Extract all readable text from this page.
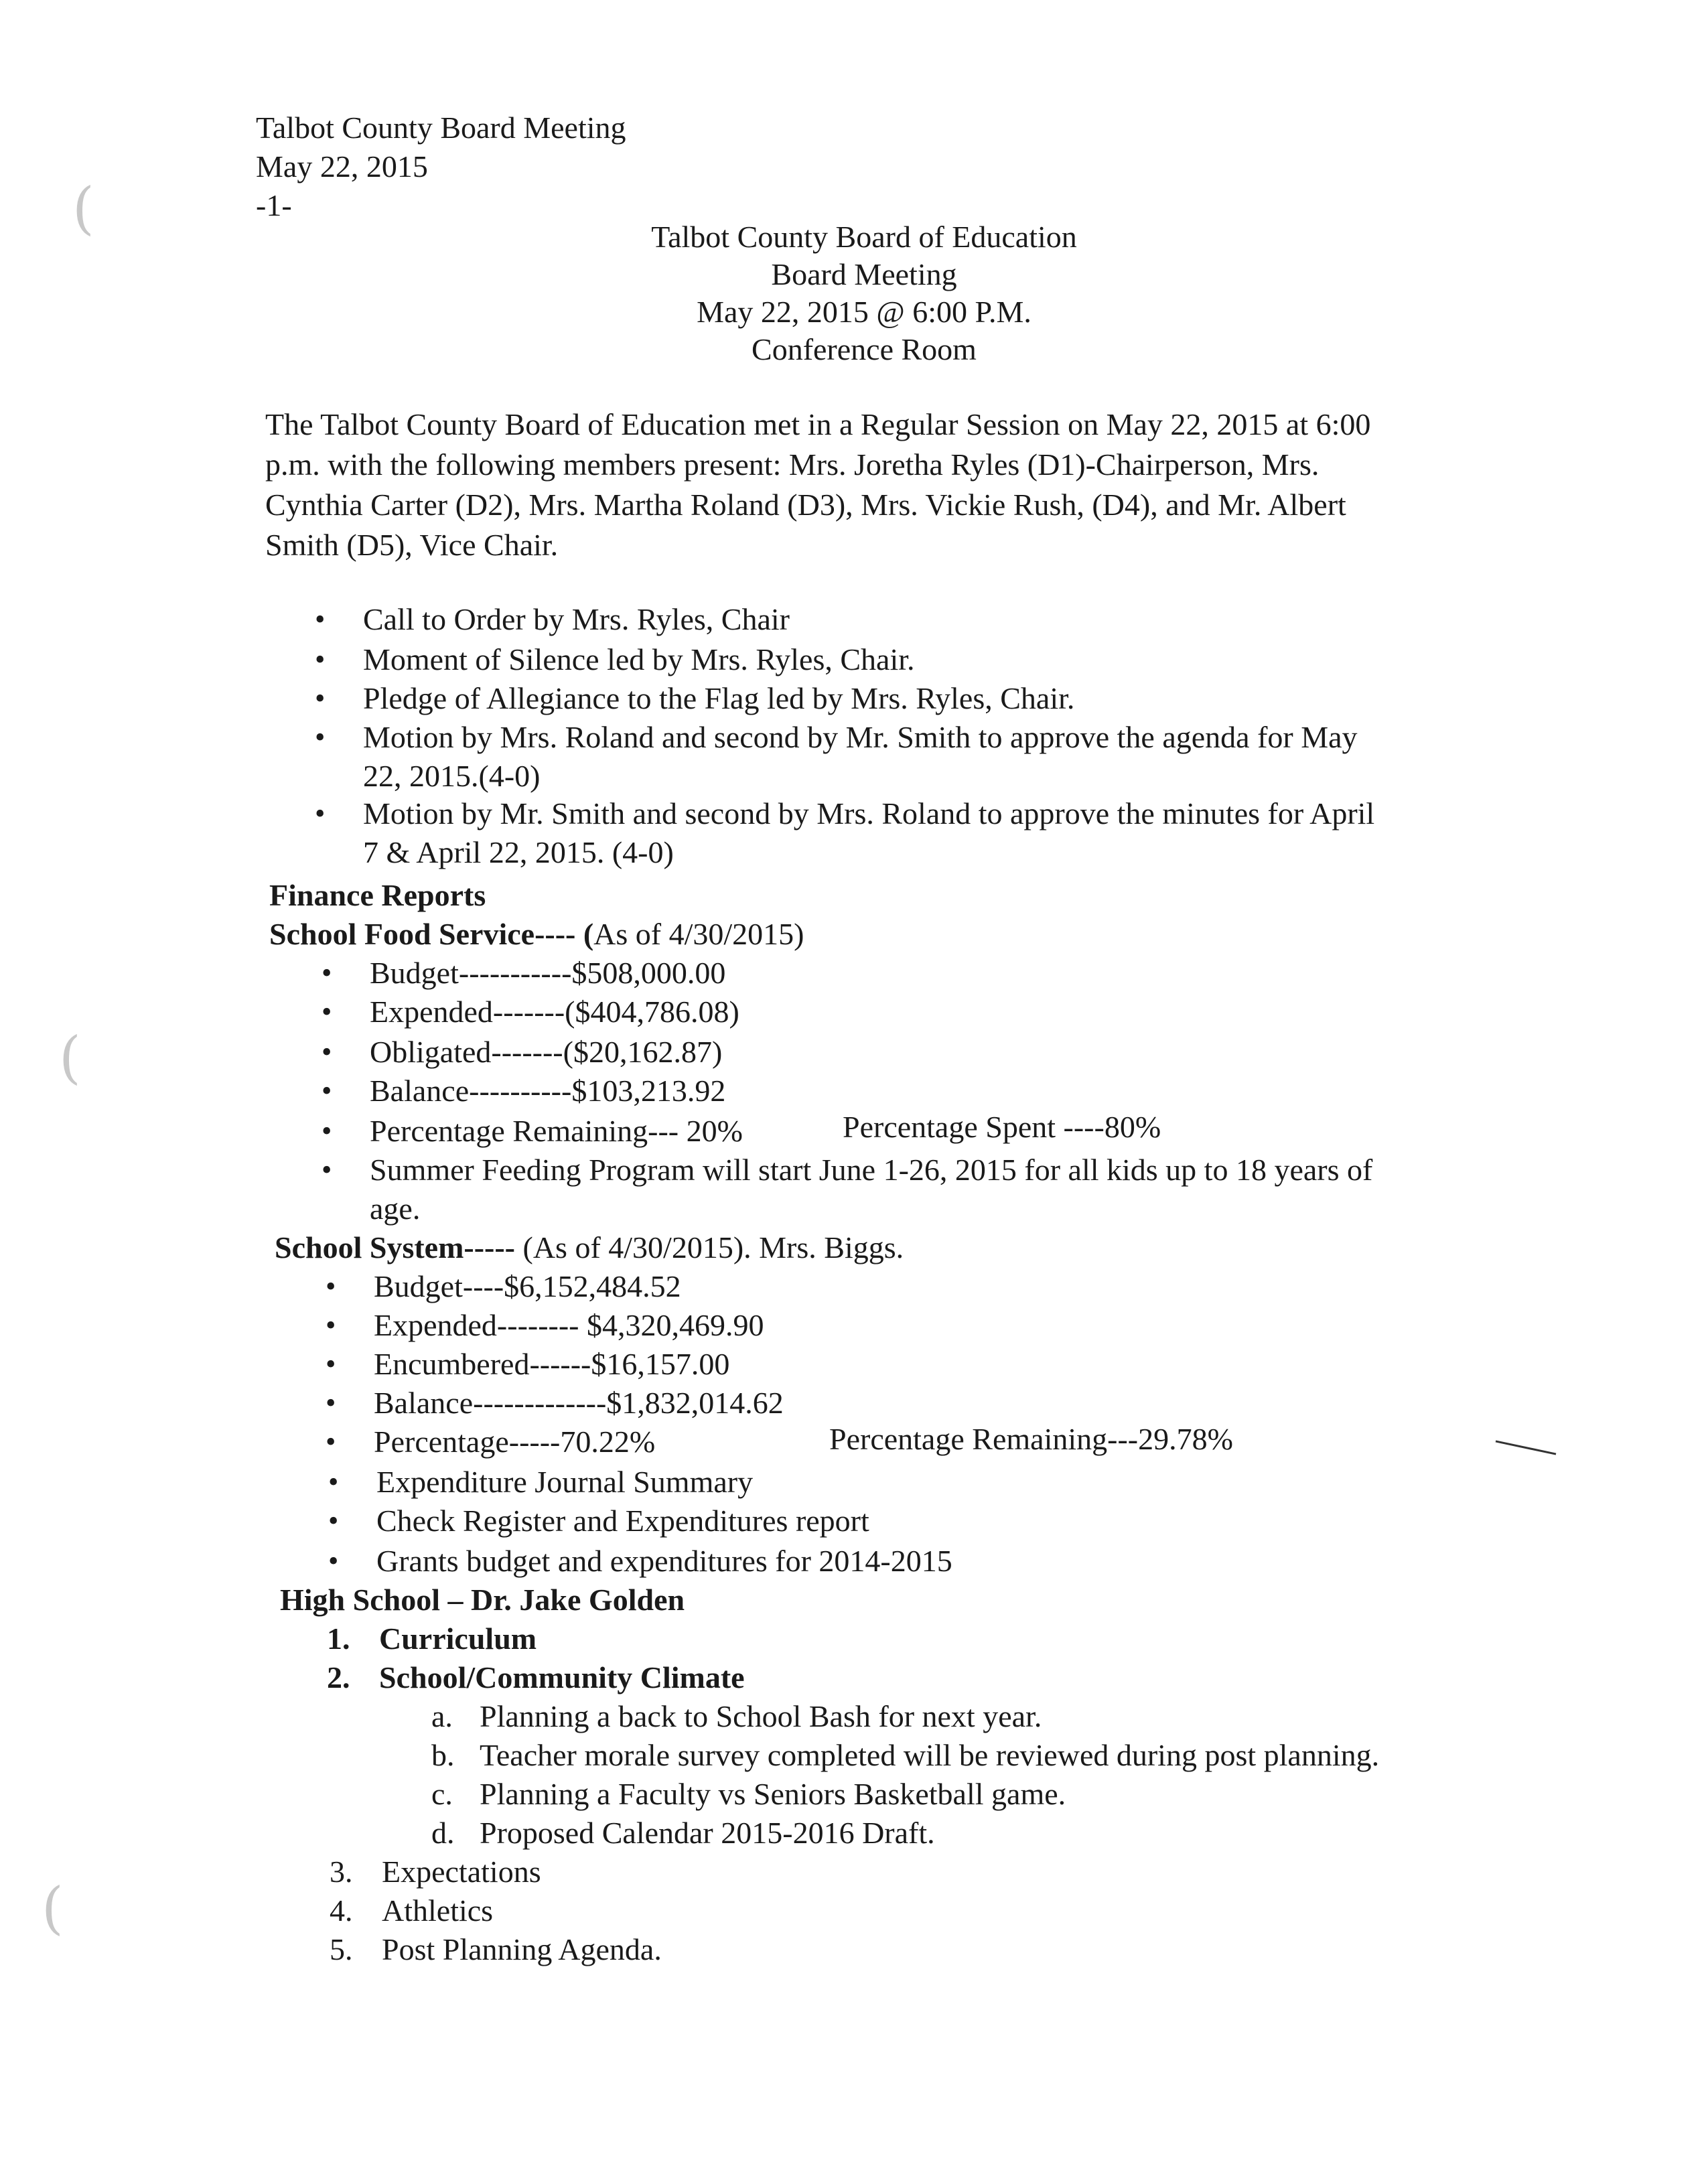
(
(
(
Talbot County Board Meeting
May 22, 2015
-1-
Talbot County Board of Education
Board Meeting
May 22, 2015 @ 6:00 P.M.
Conference Room
The Talbot County Board of Education met in a Regular Session on May 22, 2015 at 6:00
p.m. with the following members present: Mrs. Joretha Ryles (D1)-Chairperson, Mrs.
Cynthia Carter (D2), Mrs. Martha Roland (D3), Mrs. Vickie Rush, (D4), and Mr. Albert
Smith (D5), Vice Chair.
• Call to Order by Mrs. Ryles, Chair
• Moment of Silence led by Mrs. Ryles, Chair.
• Pledge of Allegiance to the Flag led by Mrs. Ryles, Chair.
• Motion by Mrs. Roland and second by Mr. Smith to approve the agenda for May
22, 2015.(4-0)
• Motion by Mr. Smith and second by Mrs. Roland to approve the minutes for April
7 & April 22, 2015. (4-0)
Finance Reports
School Food Service---- (As of 4/30/2015)
• Budget-----------$508,000.00
• Expended-------($404,786.08)
• Obligated-------($20,162.87)
• Balance----------$103,213.92
• Percentage Remaining--- 20%	Percentage Spent ----80%
• Summer Feeding Program will start June 1-26, 2015 for all kids up to 18 years of
age.
School System----- (As of 4/30/2015). Mrs. Biggs.
• Budget----$6,152,484.52
• Expended-------- $4,320,469.90
• Encumbered------$16,157.00
• Balance-------------$1,832,014.62
• Percentage-----70.22%	Percentage Remaining---29.78%
• Expenditure Journal Summary
• Check Register and Expenditures report
• Grants budget and expenditures for 2014-2015
High School – Dr. Jake Golden
1. Curriculum
2. School/Community Climate
a. Planning a back to School Bash for next year.
b. Teacher morale survey completed will be reviewed during post planning.
c. Planning a Faculty vs Seniors Basketball game.
d. Proposed Calendar 2015-2016 Draft.
3. Expectations
4. Athletics
5. Post Planning Agenda.
